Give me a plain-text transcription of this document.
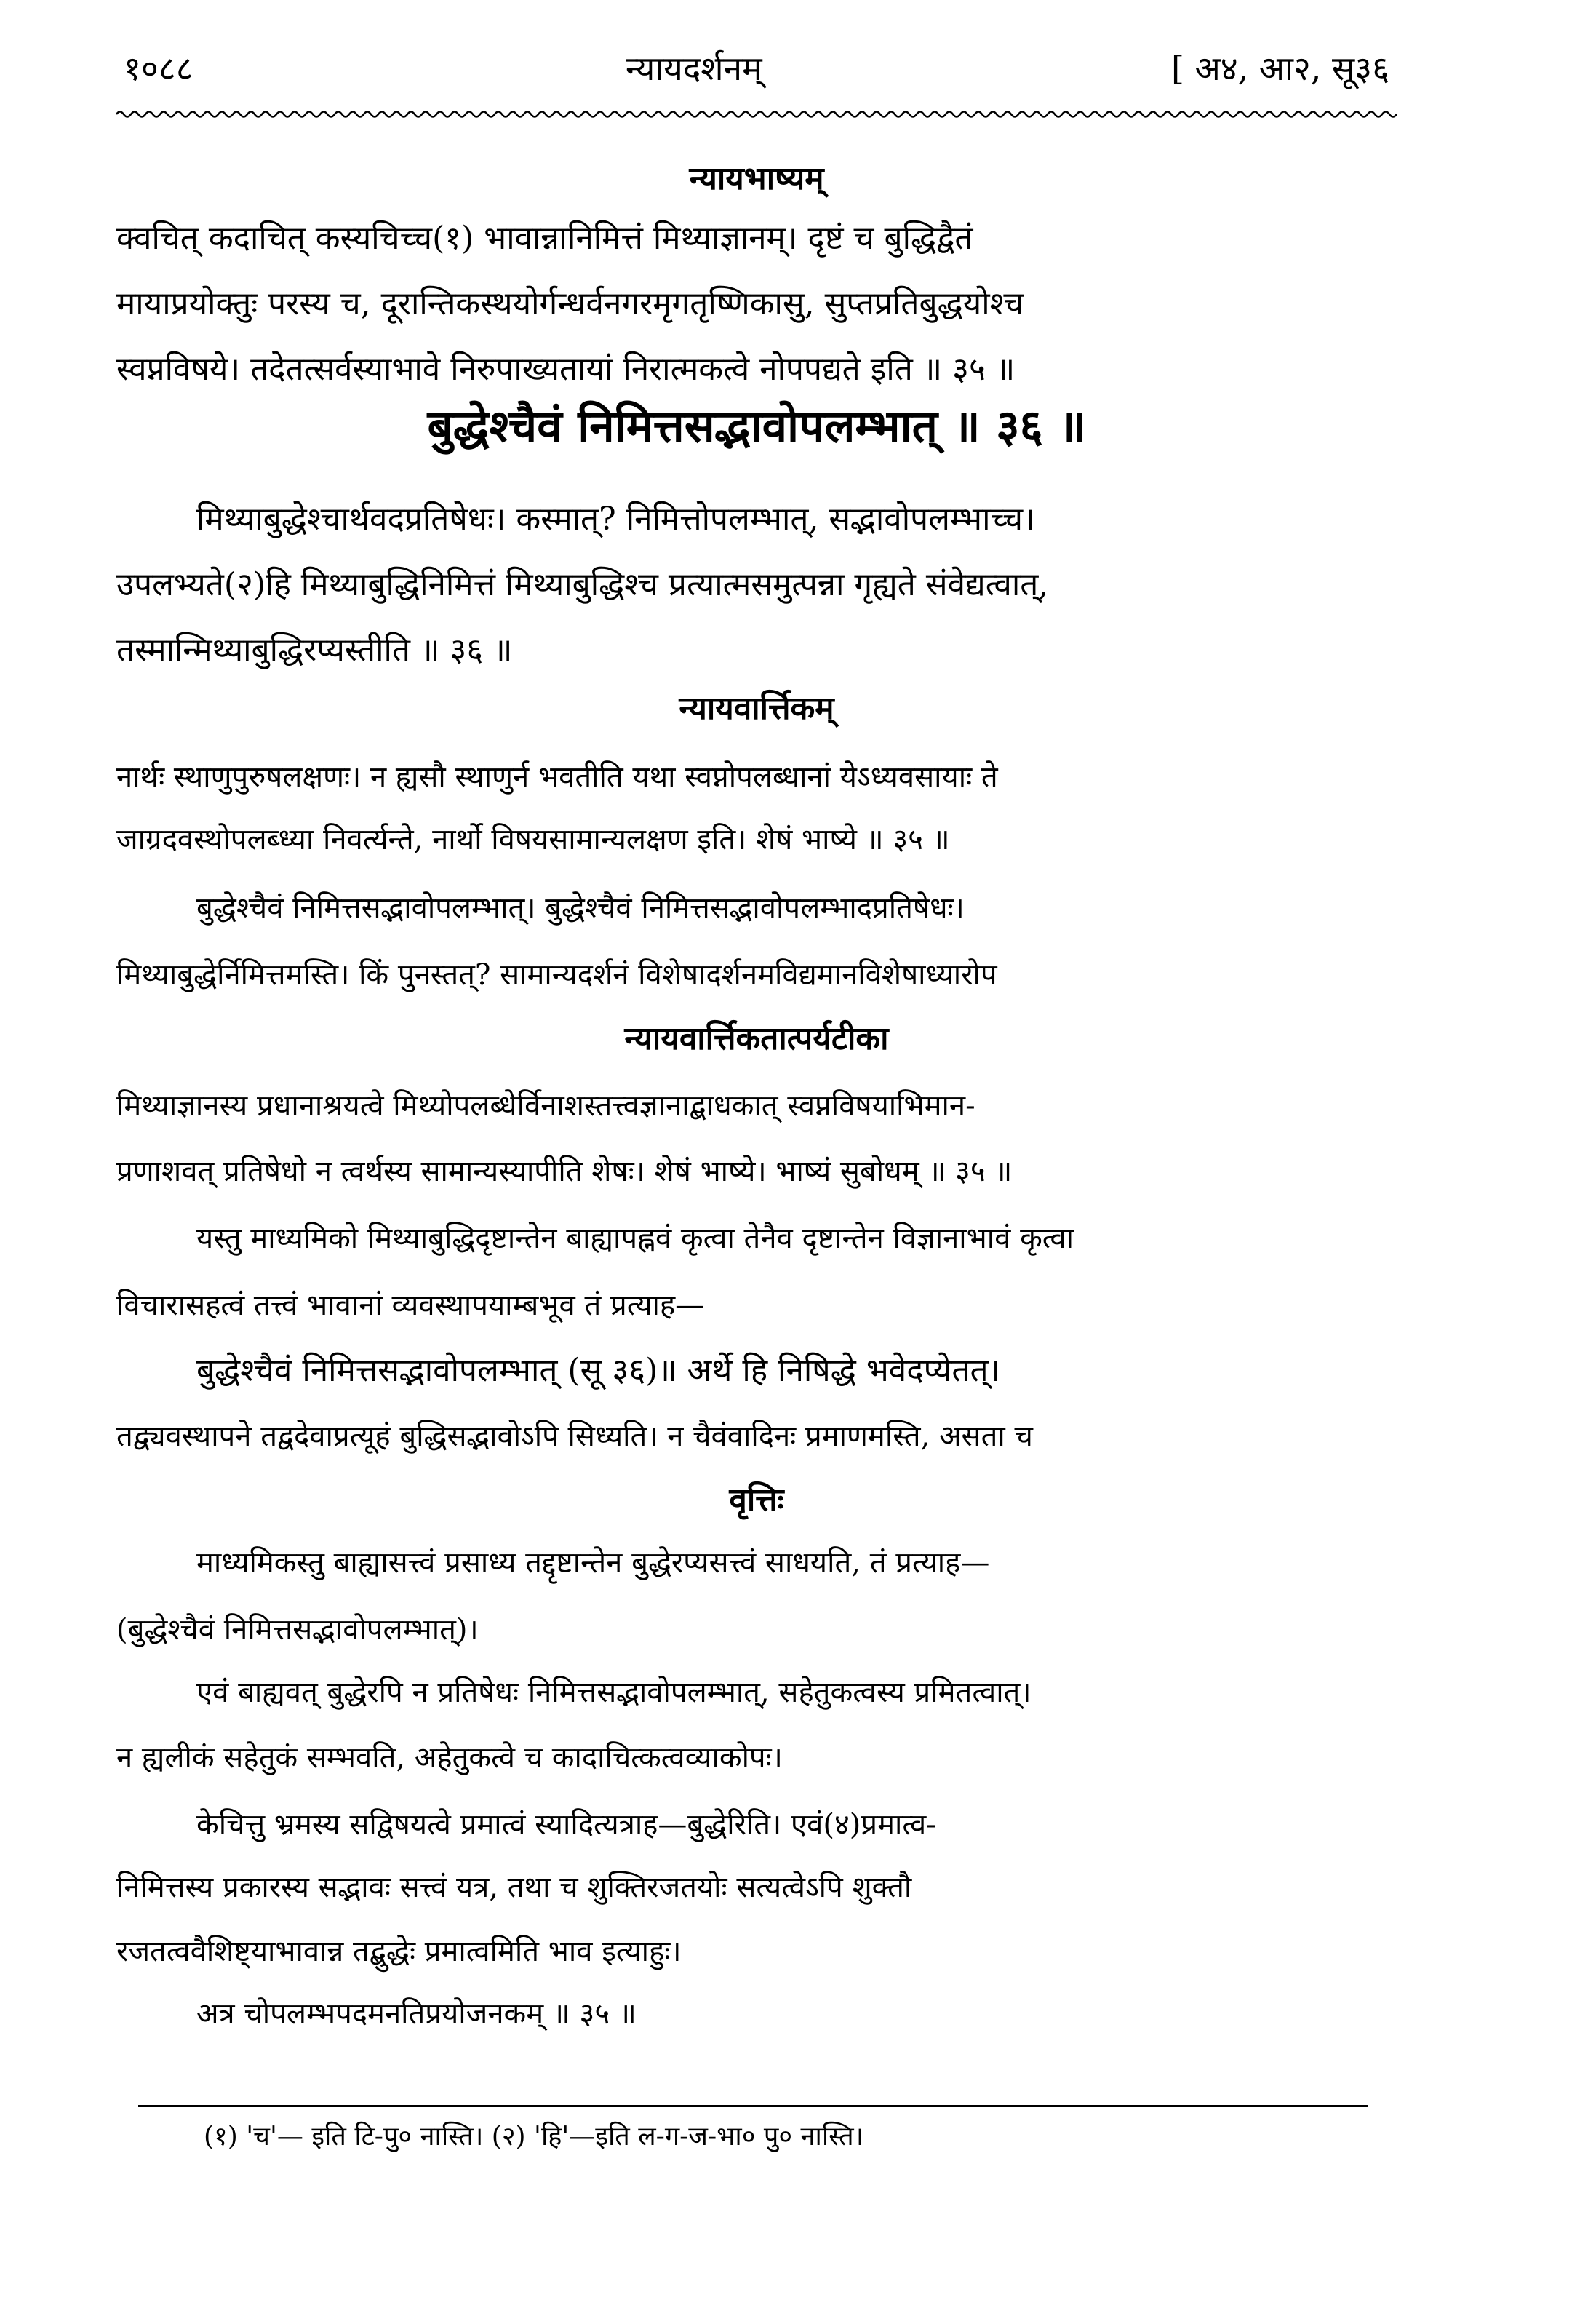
१०८८	न्यायदर्शनम्	[ अ४, आ२, सू३६
न्यायभाष्यम्
क्वचित् कदाचित् कस्यचिच्च(१) भावान्नानिमित्तं मिथ्याज्ञानम्। दृष्टं च बुद्धिद्वैतं
मायाप्रयोक्तुः परस्य च, दूरान्तिकस्थयोर्गन्धर्वनगरमृगतृष्णिकासु, सुप्तप्रतिबुद्धयोश्च
स्वप्नविषये। तदेतत्सर्वस्याभावे निरुपाख्यतायां निरात्मकत्वे नोपपद्यते इति ॥ ३५ ॥
बुद्धेश्चैवं निमित्तसद्भावोपलम्भात् ॥ ३६ ॥
मिथ्याबुद्धेश्चार्थवदप्रतिषेधः। कस्मात्? निमित्तोपलम्भात्, सद्भावोपलम्भाच्च।
उपलभ्यते(२)हि मिथ्याबुद्धिनिमित्तं मिथ्याबुद्धिश्च प्रत्यात्मसमुत्पन्ना गृह्यते संवेद्यत्वात्,
तस्मान्मिथ्याबुद्धिरप्यस्तीति ॥ ३६ ॥
न्यायवार्त्तिकम्
नार्थः स्थाणुपुरुषलक्षणः। न ह्यसौ स्थाणुर्न भवतीति यथा स्वप्नोपलब्धानां येऽध्यवसायाः ते
जाग्रदवस्थोपलब्ध्या निवर्त्यन्ते, नार्थो विषयसामान्यलक्षण इति। शेषं भाष्ये ॥ ३५ ॥
बुद्धेश्चैवं निमित्तसद्भावोपलम्भात्। बुद्धेश्चैवं निमित्तसद्भावोपलम्भादप्रतिषेधः।
मिथ्याबुद्धेर्निमित्तमस्ति। किं पुनस्तत्? सामान्यदर्शनं विशेषादर्शनमविद्यमानविशेषाध्यारोप
न्यायवार्त्तिकतात्पर्यटीका
मिथ्याज्ञानस्य प्रधानाश्रयत्वे मिथ्योपलब्धेर्विनाशस्तत्त्वज्ञानाद्बाधकात् स्वप्नविषयाभिमान-
प्रणाशवत् प्रतिषेधो न त्वर्थस्य सामान्यस्यापीति शेषः। शेषं भाष्ये। भाष्यं सुबोधम् ॥ ३५ ॥
यस्तु माध्यमिको मिथ्याबुद्धिदृष्टान्तेन बाह्यापह्नवं कृत्वा तेनैव दृष्टान्तेन विज्ञानाभावं कृत्वा
विचारासहत्वं तत्त्वं भावानां व्यवस्थापयाम्बभूव तं प्रत्याह—
बुद्धेश्चैवं निमित्तसद्भावोपलम्भात् (सू ३६)॥ अर्थे हि निषिद्धे भवेदप्येतत्।
तद्व्यवस्थापने तद्वदेवाप्रत्यूहं बुद्धिसद्भावोऽपि सिध्यति। न चैवंवादिनः प्रमाणमस्ति, असता च
वृत्तिः
माध्यमिकस्तु बाह्यासत्त्वं प्रसाध्य तद्दृष्टान्तेन बुद्धेरप्यसत्त्वं साधयति, तं प्रत्याह—
(बुद्धेश्चैवं निमित्तसद्भावोपलम्भात्)।
एवं बाह्यवत् बुद्धेरपि न प्रतिषेधः निमित्तसद्भावोपलम्भात्, सहेतुकत्वस्य प्रमितत्वात्।
न ह्यलीकं सहेतुकं सम्भवति, अहेतुकत्वे च कादाचित्कत्वव्याकोपः।
केचित्तु भ्रमस्य सद्विषयत्वे प्रमात्वं स्यादित्यत्राह—बुद्धेरिति। एवं(४)प्रमात्व-
निमित्तस्य प्रकारस्य सद्भावः सत्त्वं यत्र, तथा च शुक्तिरजतयोः सत्यत्वेऽपि शुक्तौ
रजतत्ववैशिष्ट्याभावान्न तद्बुद्धेः प्रमात्वमिति भाव इत्याहुः।
अत्र चोपलम्भपदमनतिप्रयोजनकम् ॥ ३५ ॥
(१) 'च'— इति टि-पु० नास्ति। (२) 'हि'—इति ल-ग-ज-भा० पु० नास्ति।
